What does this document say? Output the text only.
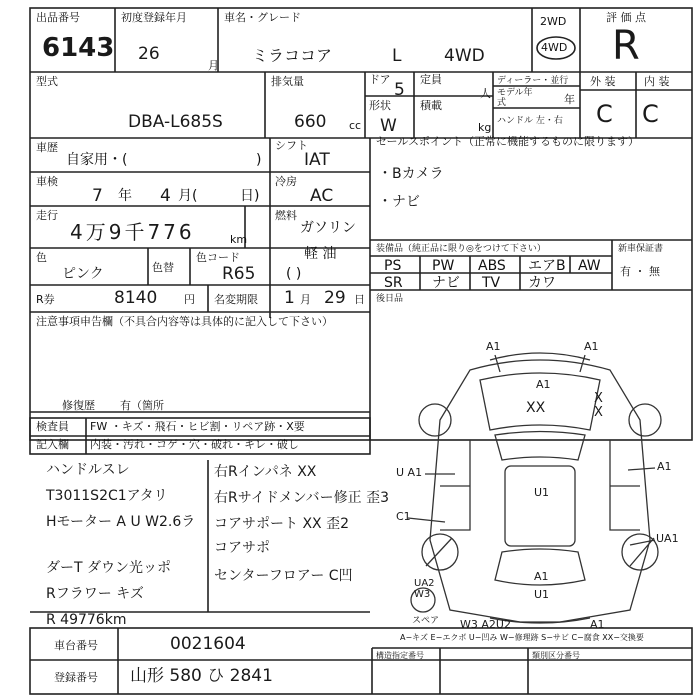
出品番号
6143
初度登録年月
26
月
車名・グレード
ミラココア	L	4WD
2WD
4WD
評 価 点
R
型式
DBA-L685S
排気量
660 cc
ドア
5
定員
人
形状
W
積載
kg
ディーラー・並行
モデル年式	年
ハンドル 左・右
外 装	内 装
C C
車歴
自家用・(	)
シフト
IAT
セールスポイント（正常に機能するものに限ります）
・Bカメラ
・ナビ
車検
7 年 4 月(	日)
冷房
AC
走行
4万9千776	km
燃料
ガソリン
軽 油
( )
色
ピンク	色替
色コード
R65
R券	8140 円 名変期限 1 月 29 日
注意事項申告欄（不具合内容等は具体的に記入して下さい）
修復歴 有（箇所
装備品（純正品に限り◎をつけて下さい）
PS PW ABS エアB AW
SR ナビ TV カワ
新車保証書
有 ・ 無
後日品
検査員
記入欄
FW ・キズ・飛石・ヒビ割・リペア跡・X要
内装・汚れ・コゲ・穴・破れ・キレ・破し
ハンドルスレ
T3011S2C1アタリ
Hモーター A U W2.6ラ
ダーT ダウン光ッポ
Rフラワー キズ
R 49776km
右Rインパネ XX
右Rサイドメンバー修正 歪3
コアサポート XX 歪2
コアサポ
センターフロアー C凹
A1	A1
A1
XX
X X
U A1	A1
U1
C1
UA1
A1
U1
UA2 W3
W3 A2U2	A1
スペア
A−キズ E−エクボ U−凹み W−修理跡 S−サビ C−腐食 XX−交換要
車台番号	0021604
登録番号 山形 580 ひ 2841
構造指定番号	類別区分番号
